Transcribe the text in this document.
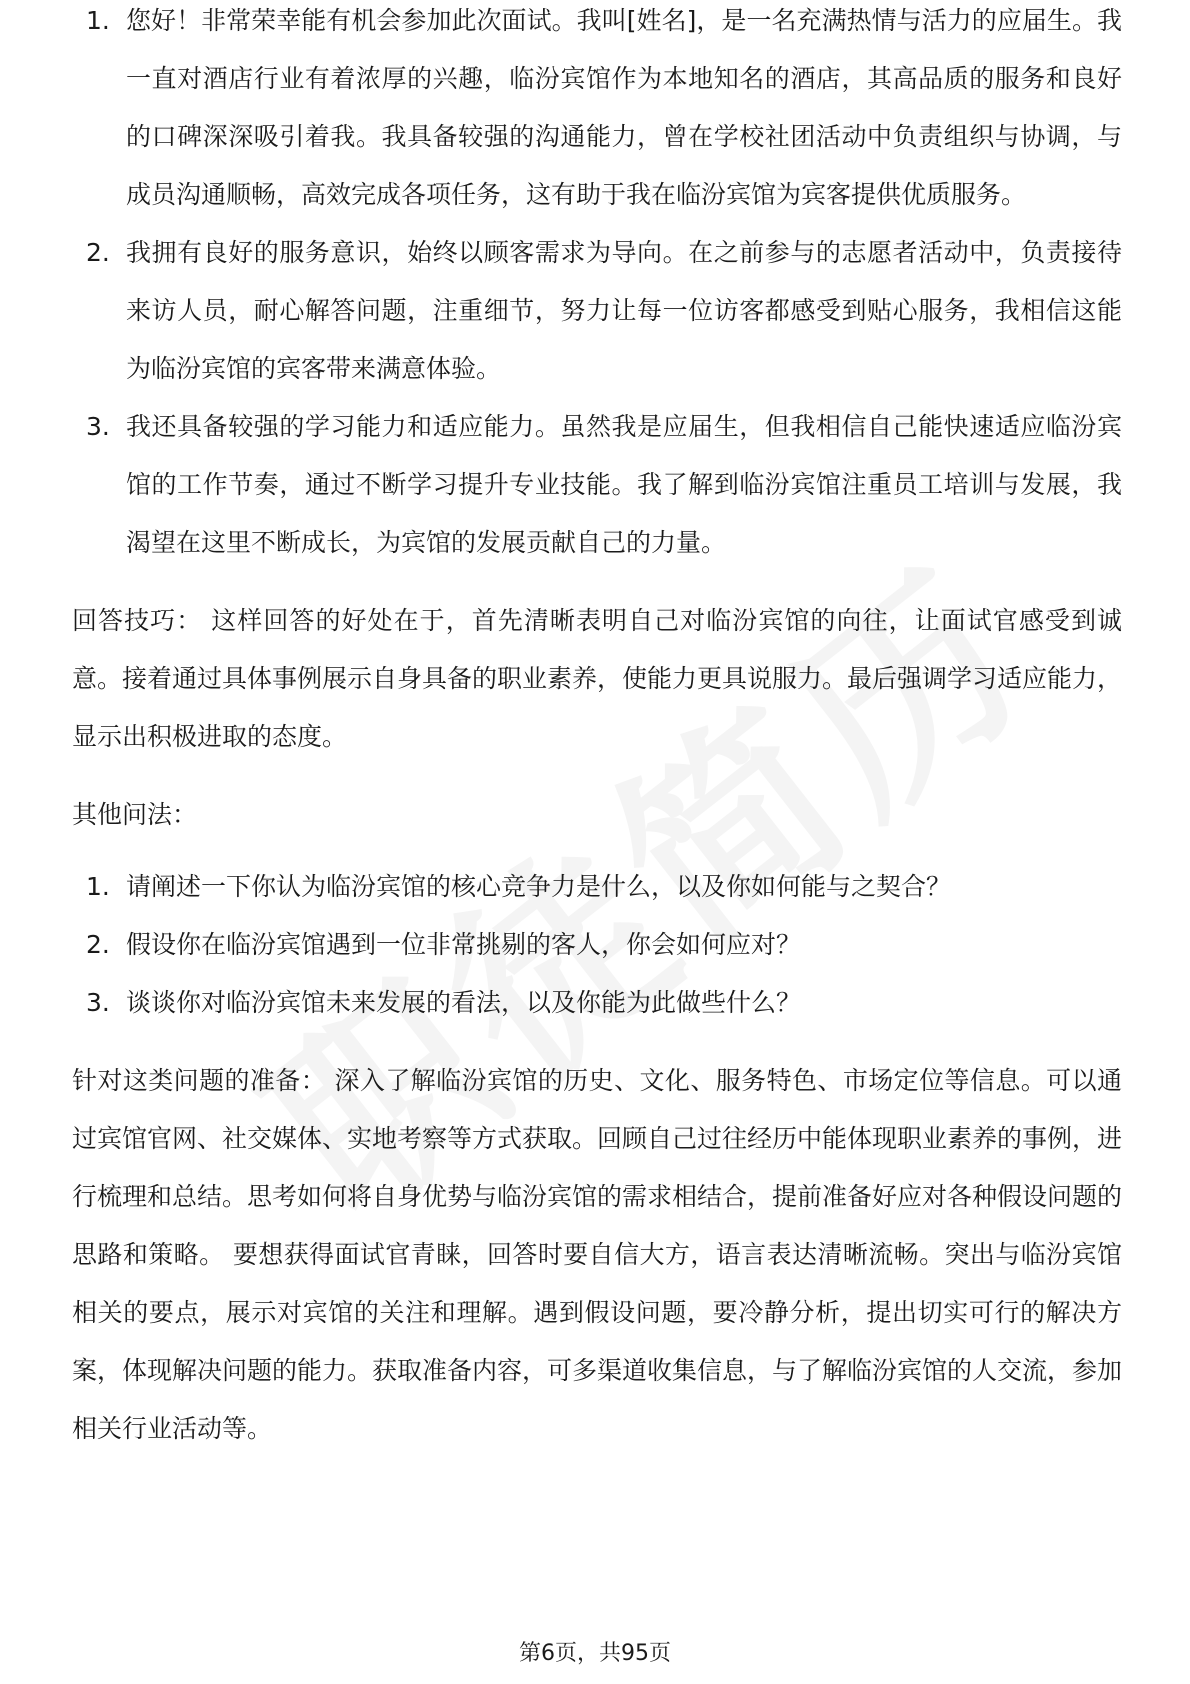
1. 您好！非常荣幸能有机会参加此次面试。我叫[姓名]，是一名充满热情与活力的应届生。我一直对酒店行业有着浓厚的兴趣，临汾宾馆作为本地知名的酒店，其高品质的服务和良好的口碑深深吸引着我。我具备较强的沟通能力，曾在学校社团活动中负责组织与协调，与成员沟通顺畅，高效完成各项任务，这有助于我在临汾宾馆为宾客提供优质服务。
2. 我拥有良好的服务意识，始终以顾客需求为导向。在之前参与的志愿者活动中，负责接待来访人员，耐心解答问题，注重细节，努力让每一位访客都感受到贴心服务，我相信这能为临汾宾馆的宾客带来满意体验。
3. 我还具备较强的学习能力和适应能力。虽然我是应届生，但我相信自己能快速适应临汾宾馆的工作节奏，通过不断学习提升专业技能。我了解到临汾宾馆注重员工培训与发展，我渴望在这里不断成长，为宾馆的发展贡献自己的力量。

回答技巧： 这样回答的好处在于，首先清晰表明自己对临汾宾馆的向往，让面试官感受到诚意。接着通过具体事例展示自身具备的职业素养，使能力更具说服力。最后强调学习适应能力，显示出积极进取的态度。

其他问法：

1. 请阐述一下你认为临汾宾馆的核心竞争力是什么，以及你如何能与之契合？
2. 假设你在临汾宾馆遇到一位非常挑剔的客人，你会如何应对？
3. 谈谈你对临汾宾馆未来发展的看法，以及你能为此做些什么？

针对这类问题的准备： 深入了解临汾宾馆的历史、文化、服务特色、市场定位等信息。可以通过宾馆官网、社交媒体、实地考察等方式获取。回顾自己过往经历中能体现职业素养的事例，进行梳理和总结。思考如何将自身优势与临汾宾馆的需求相结合，提前准备好应对各种假设问题的思路和策略。 要想获得面试官青睐，回答时要自信大方，语言表达清晰流畅。突出与临汾宾馆相关的要点，展示对宾馆的关注和理解。遇到假设问题，要冷静分析，提出切实可行的解决方案，体现解决问题的能力。获取准备内容，可多渠道收集信息，与了解临汾宾馆的人交流，参加相关行业活动等。

第6页，共95页
